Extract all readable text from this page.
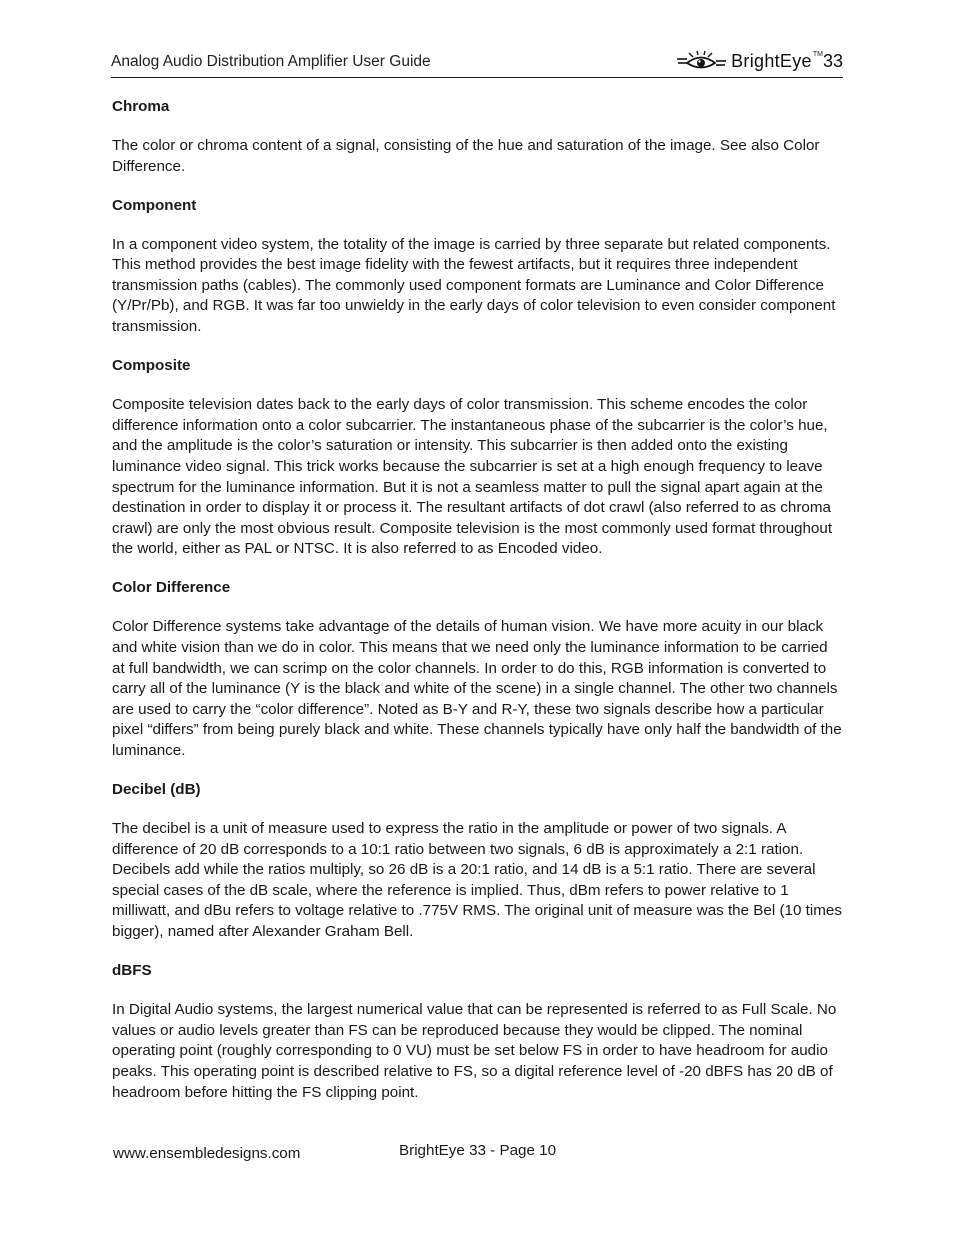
Analog Audio Distribution Amplifier User Guide	BrightEye TM 33

Chroma

The color or chroma content of a signal, consisting of the hue and saturation of the image. See also Color Difference.

Component

In a component video system, the totality of the image is carried by three separate but related components. This method provides the best image fidelity with the fewest artifacts, but it requires three independent transmission paths (cables). The commonly used component formats are Luminance and Color Difference (Y/Pr/Pb), and RGB. It was far too unwieldy in the early days of color television to even consider component transmission.

Composite

Composite television dates back to the early days of color transmission. This scheme encodes the color difference information onto a color subcarrier. The instantaneous phase of the subcarrier is the color’s hue, and the amplitude is the color’s saturation or intensity. This subcarrier is then added onto the existing luminance video signal. This trick works because the subcarrier is set at a high enough frequency to leave spectrum for the luminance information. But it is not a seamless matter to pull the signal apart again at the destination in order to display it or process it. The resultant artifacts of dot crawl (also referred to as chroma crawl) are only the most obvious result. Composite television is the most commonly used format throughout the world, either as PAL or NTSC. It is also referred to as Encoded video.

Color Difference

Color Difference systems take advantage of the details of human vision. We have more acuity in our black and white vision than we do in color. This means that we need only the luminance information to be carried at full bandwidth, we can scrimp on the color channels. In order to do this, RGB information is converted to carry all of the luminance (Y is the black and white of the scene) in a single channel. The other two channels are used to carry the “color difference”. Noted as B-Y and R-Y, these two signals describe how a particular pixel “differs” from being purely black and white. These channels typically have only half the bandwidth of the luminance.

Decibel (dB)

The decibel is a unit of measure used to express the ratio in the amplitude or power of two signals. A difference of 20 dB corresponds to a 10:1 ratio between two signals, 6 dB is approximately a 2:1 ration. Decibels add while the ratios multiply, so 26 dB is a 20:1 ratio, and 14 dB is a 5:1 ratio. There are several special cases of the dB scale, where the reference is implied. Thus, dBm refers to power relative to 1 milliwatt, and dBu refers to voltage relative to .775V RMS. The original unit of measure was the Bel (10 times bigger), named after Alexander Graham Bell.

dBFS

In Digital Audio systems, the largest numerical value that can be represented is referred to as Full Scale. No values or audio levels greater than FS can be reproduced because they would be clipped. The nominal operating point (roughly corresponding to 0 VU) must be set below FS in order to have headroom for audio peaks. This operating point is described relative to FS, so a digital reference level of -20 dBFS has 20 dB of headroom before hitting the FS clipping point.

www.ensembledesigns.com	BrightEye 33 - Page 10
